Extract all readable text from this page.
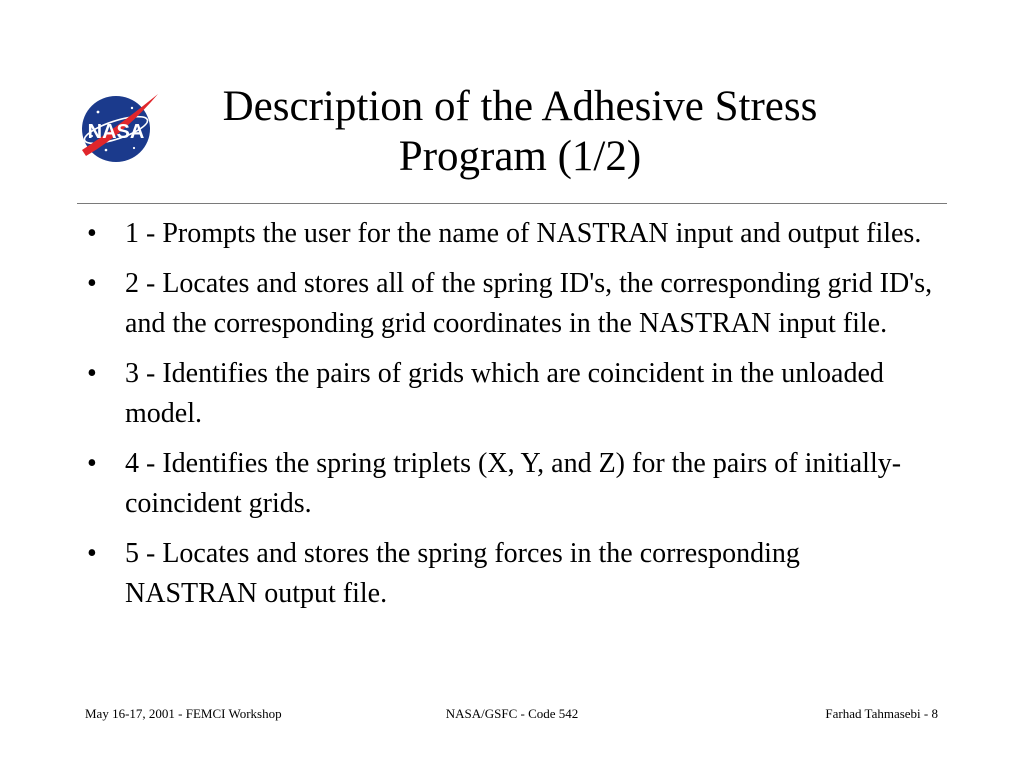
NASA
Description of the Adhesive Stress
Program (1/2)
• 1 - Prompts the user for the name of NASTRAN input and output files.
• 2 - Locates and stores all of the spring ID's, the corresponding grid ID's, and the corresponding grid coordinates in the NASTRAN input file.
• 3 - Identifies the pairs of grids which are coincident in the unloaded model.
• 4 - Identifies the spring triplets (X, Y, and Z) for the pairs of initially-coincident grids.
• 5 - Locates and stores the spring forces in the corresponding NASTRAN output file.
May 16-17, 2001 - FEMCI Workshop	NASA/GSFC - Code 542	Farhad Tahmasebi - 8
